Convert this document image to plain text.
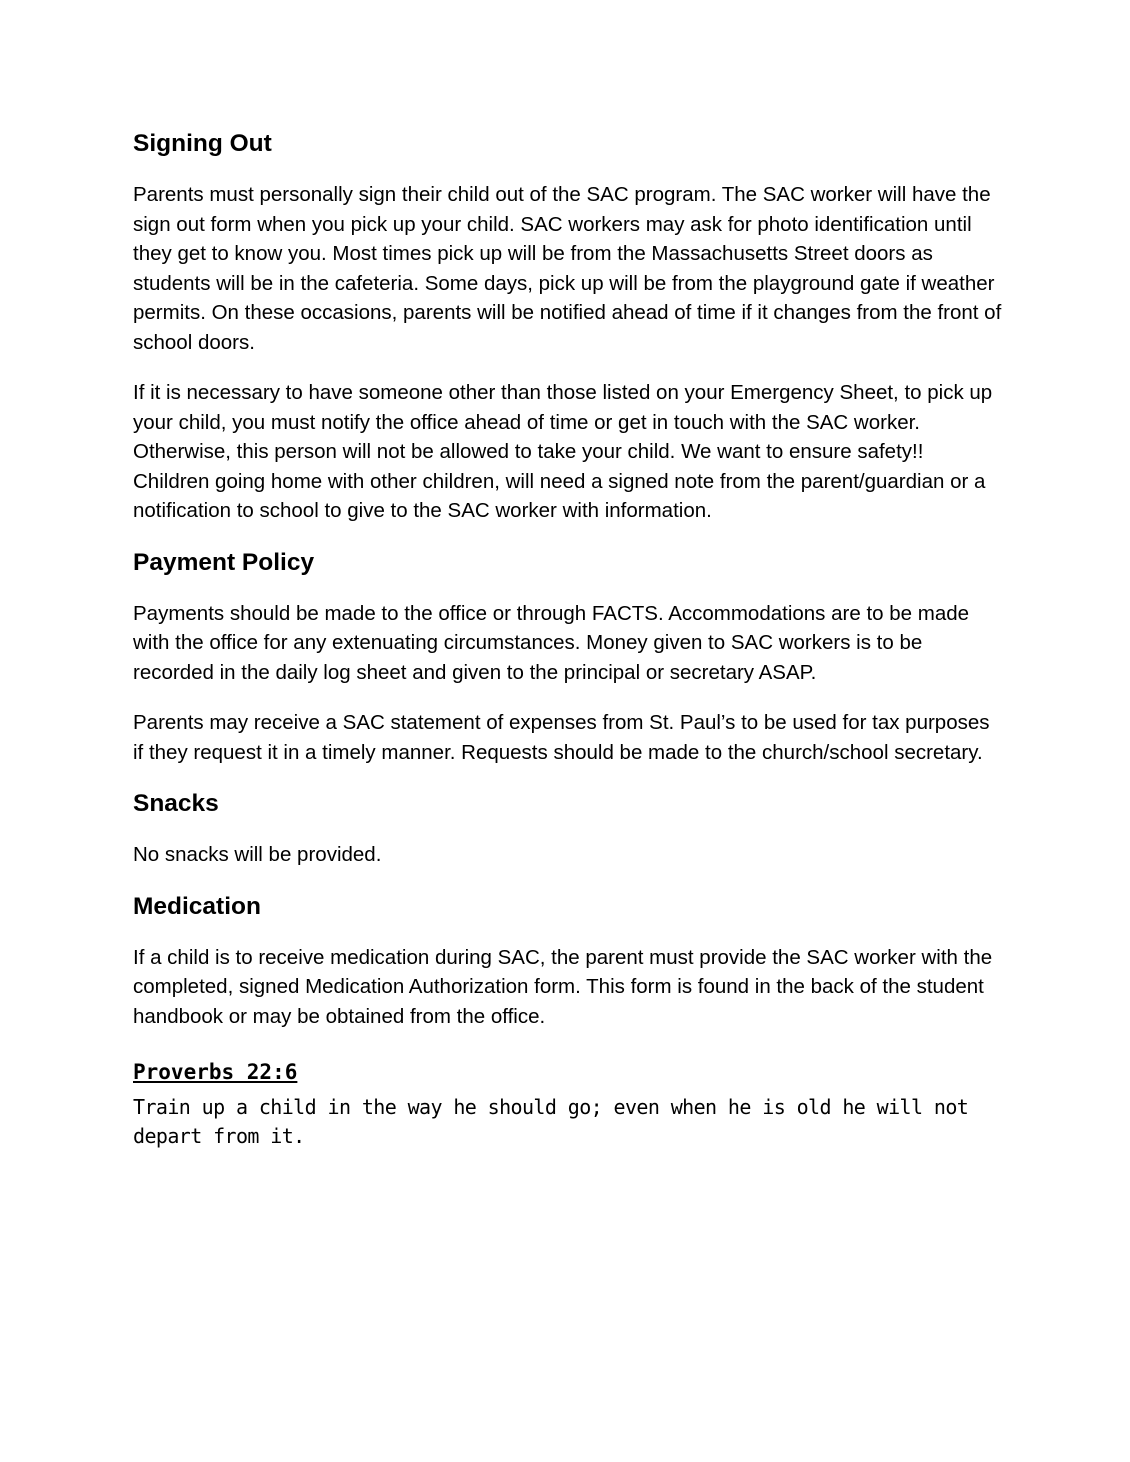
Signing Out

Parents must personally sign their child out of the SAC program. The SAC worker will have the sign out form when you pick up your child. SAC workers may ask for photo identification until they get to know you. Most times pick up will be from the Massachusetts Street doors as students will be in the cafeteria. Some days, pick up will be from the playground gate if weather permits. On these occasions, parents will be notified ahead of time if it changes from the front of school doors.

If it is necessary to have someone other than those listed on your Emergency Sheet, to pick up your child, you must notify the office ahead of time or get in touch with the SAC worker. Otherwise, this person will not be allowed to take your child. We want to ensure safety!! Children going home with other children, will need a signed note from the parent/guardian or a notification to school to give to the SAC worker with information.

Payment Policy

Payments should be made to the office or through FACTS. Accommodations are to be made with the office for any extenuating circumstances. Money given to SAC workers is to be recorded in the daily log sheet and given to the principal or secretary ASAP.

Parents may receive a SAC statement of expenses from St. Paul’s to be used for tax purposes if they request it in a timely manner. Requests should be made to the church/school secretary.

Snacks

No snacks will be provided.

Medication

If a child is to receive medication during SAC, the parent must provide the SAC worker with the completed, signed Medication Authorization form. This form is found in the back of the student handbook or may be obtained from the office.

Proverbs 22:6
Train up a child in the way he should go; even when he is old he will not depart from it.
